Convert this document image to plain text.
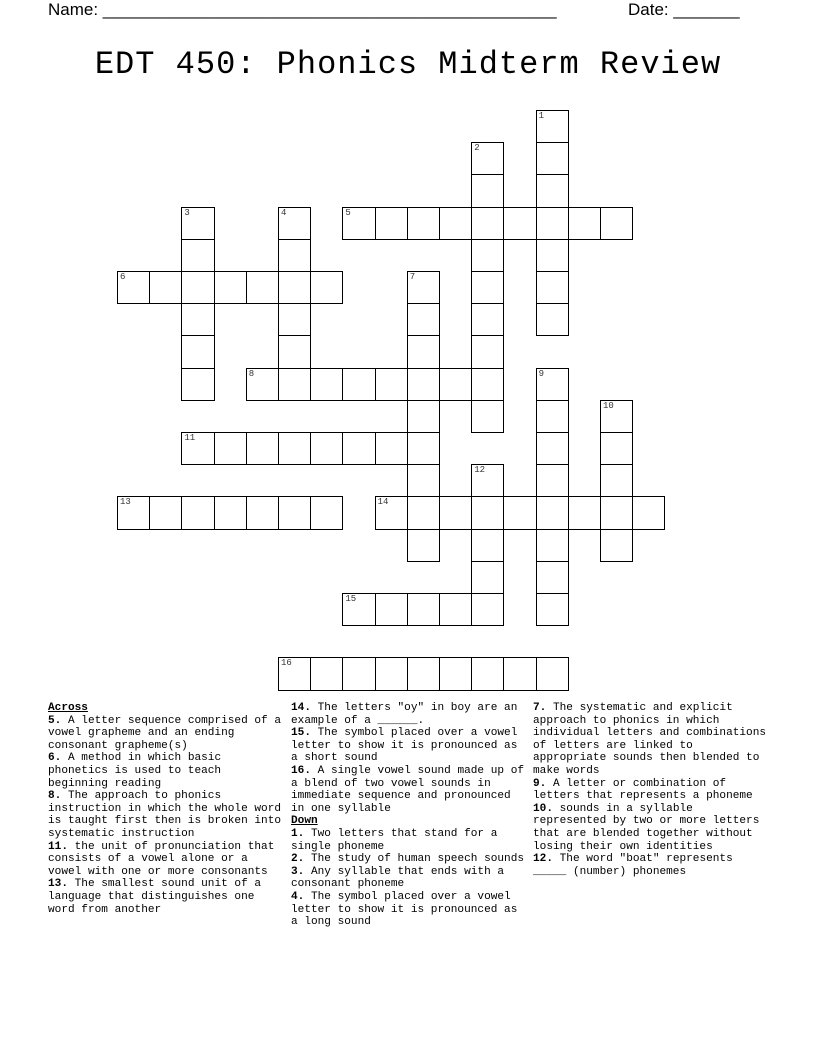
Name: ________________________________________________	Date: _______
EDT 450: Phonics Midterm Review
1
2
3	4	5
6	7
8	9
10
11
12
13	14
15
16
Across
5. A letter sequence comprised of a vowel grapheme and an ending consonant grapheme(s)
6. A method in which basic phonetics is used to teach beginning reading
8. The approach to phonics instruction in which the whole word is taught first then is broken into systematic instruction
11. the unit of pronunciation that consists of a vowel alone or a vowel with one or more consonants
13. The smallest sound unit of a language that distinguishes one word from another
14. The letters "oy" in boy are an example of a ______.
15. The symbol placed over a vowel letter to show it is pronounced as a short sound
16. A single vowel sound made up of a blend of two vowel sounds in immediate sequence and pronounced in one syllable
Down
1. Two letters that stand for a single phoneme
2. The study of human speech sounds
3. Any syllable that ends with a consonant phoneme
4. The symbol placed over a vowel letter to show it is pronounced as a long sound
7. The systematic and explicit approach to phonics in which individual letters and combinations of letters are linked to appropriate sounds then blended to make words
9. A letter or combination of letters that represents a phoneme
10. sounds in a syllable represented by two or more letters that are blended together without losing their own identities
12. The word "boat" represents _____ (number) phonemes
